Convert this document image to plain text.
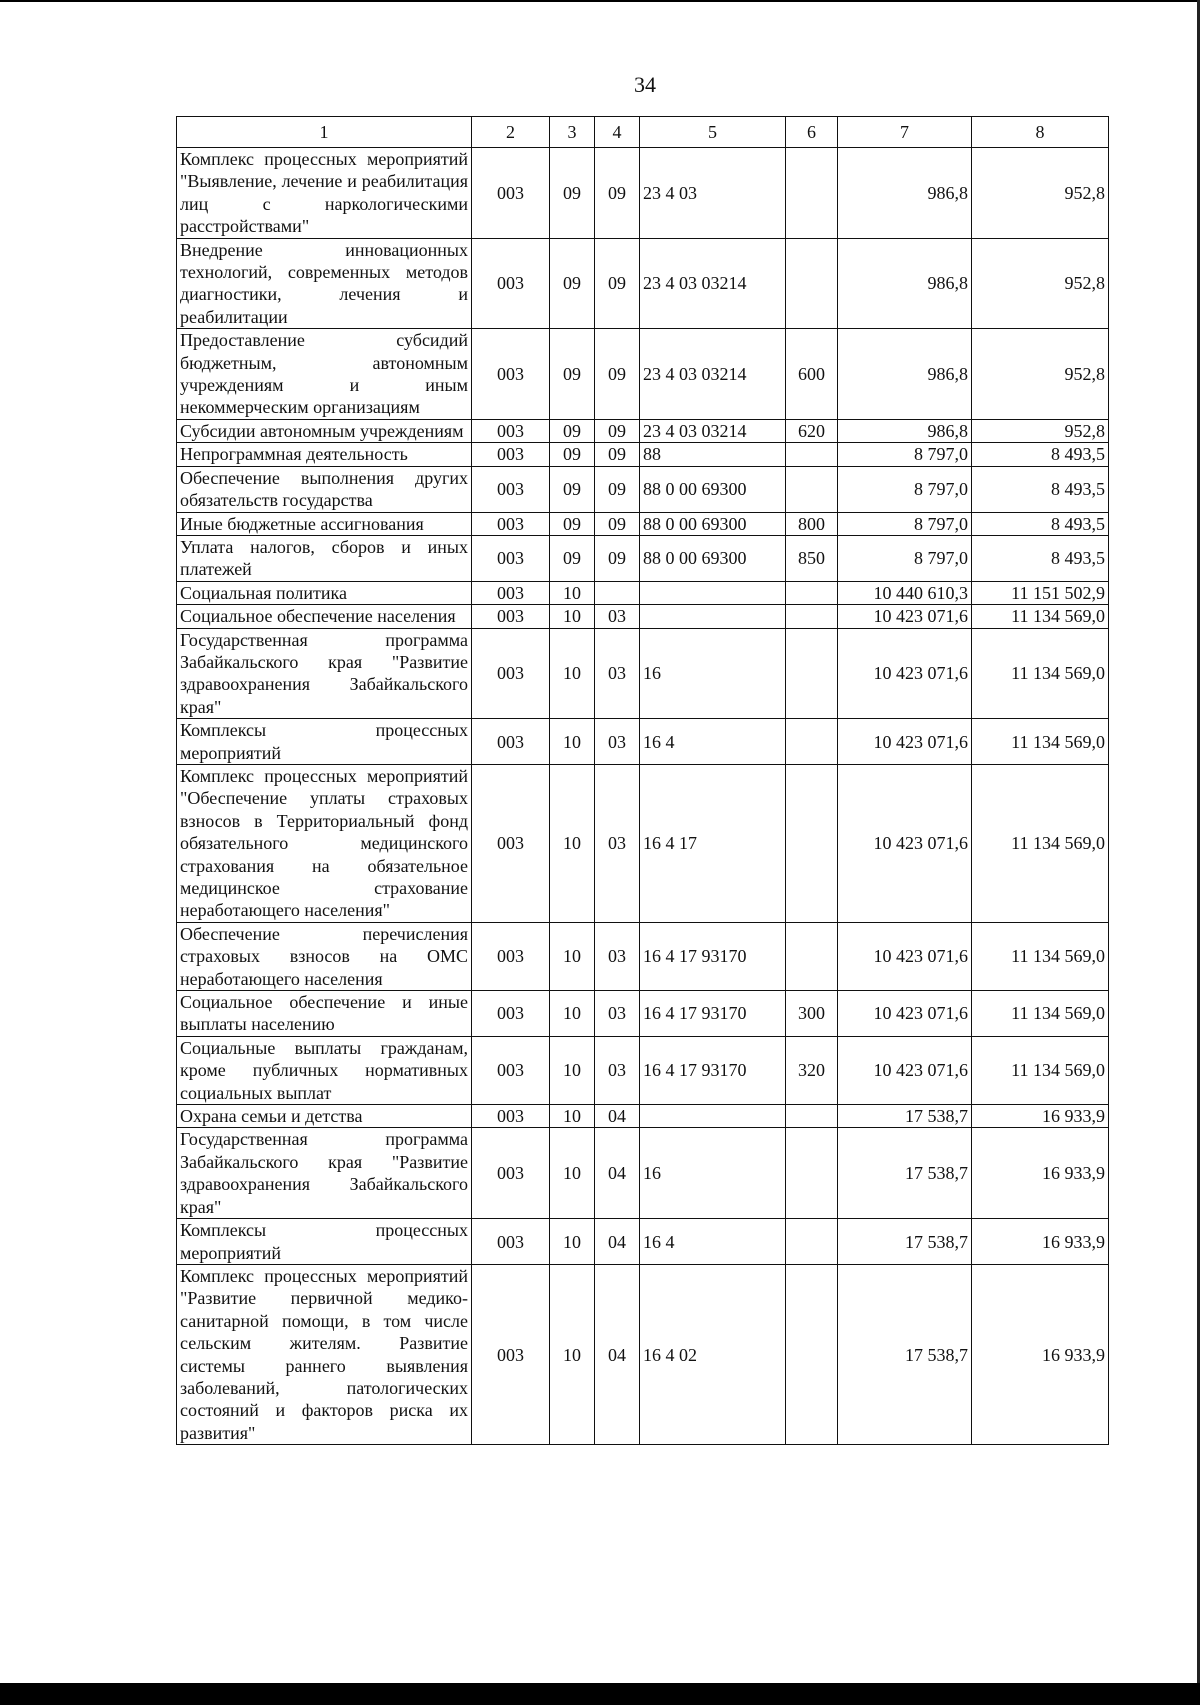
34
1	2	3	4	5	6	7	8
Комплекс процессных мероприятий "Выявление, лечение и реабилитация лиц с наркологическими расстройствами"	003	09	09	23 4 03		986,8	952,8
Внедрение инновационных технологий, современных методов диагностики, лечения и реабилитации	003	09	09	23 4 03 03214		986,8	952,8
Предоставление субсидий бюджетным, автономным учреждениям и иным некоммерческим организациям	003	09	09	23 4 03 03214	600	986,8	952,8
Субсидии автономным учреждениям	003	09	09	23 4 03 03214	620	986,8	952,8
Непрограммная деятельность	003	09	09	88		8 797,0	8 493,5
Обеспечение выполнения других обязательств государства	003	09	09	88 0 00 69300		8 797,0	8 493,5
Иные бюджетные ассигнования	003	09	09	88 0 00 69300	800	8 797,0	8 493,5
Уплата налогов, сборов и иных платежей	003	09	09	88 0 00 69300	850	8 797,0	8 493,5
Социальная политика	003	10				10 440 610,3	11 151 502,9
Социальное обеспечение населения	003	10	03			10 423 071,6	11 134 569,0
Государственная программа Забайкальского края "Развитие здравоохранения Забайкальского края"	003	10	03	16		10 423 071,6	11 134 569,0
Комплексы процессных мероприятий	003	10	03	16 4		10 423 071,6	11 134 569,0
Комплекс процессных мероприятий "Обеспечение уплаты страховых взносов в Территориальный фонд обязательного медицинского страхования на обязательное медицинское страхование неработающего населения"	003	10	03	16 4 17		10 423 071,6	11 134 569,0
Обеспечение перечисления страховых взносов на ОМС неработающего населения	003	10	03	16 4 17 93170		10 423 071,6	11 134 569,0
Социальное обеспечение и иные выплаты населению	003	10	03	16 4 17 93170	300	10 423 071,6	11 134 569,0
Социальные выплаты гражданам, кроме публичных нормативных социальных выплат	003	10	03	16 4 17 93170	320	10 423 071,6	11 134 569,0
Охрана семьи и детства	003	10	04			17 538,7	16 933,9
Государственная программа Забайкальского края "Развитие здравоохранения Забайкальского края"	003	10	04	16		17 538,7	16 933,9
Комплексы процессных мероприятий	003	10	04	16 4		17 538,7	16 933,9
Комплекс процессных мероприятий "Развитие первичной медико-санитарной помощи, в том числе сельским жителям. Развитие системы раннего выявления заболеваний, патологических состояний и факторов риска их развития"	003	10	04	16 4 02		17 538,7	16 933,9
